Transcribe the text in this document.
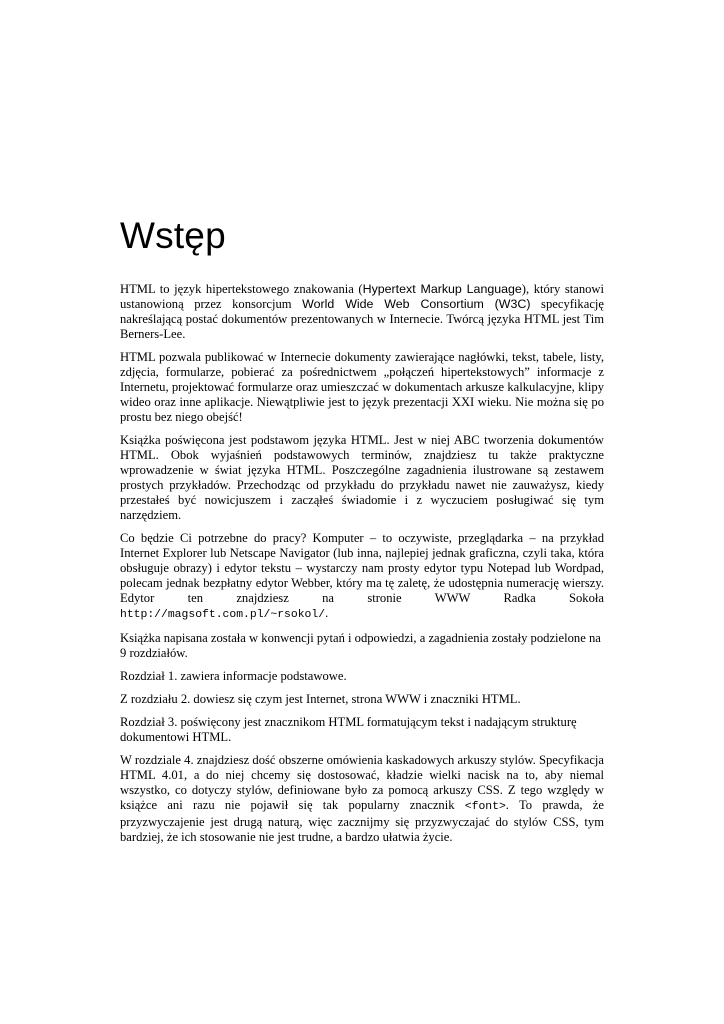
Wstęp

HTML to język hipertekstowego znakowania (Hypertext Markup Language), który stanowi ustanowioną przez konsorcjum World Wide Web Consortium (W3C) specyfikację nakreślającą postać dokumentów prezentowanych w Internecie. Twórcą języka HTML jest Tim Berners-Lee.

HTML pozwala publikować w Internecie dokumenty zawierające nagłówki, tekst, tabele, listy, zdjęcia, formularze, pobierać za pośrednictwem „połączeń hipertekstowych” informacje z Internetu, projektować formularze oraz umieszczać w dokumentach arkusze kalkulacyjne, klipy wideo oraz inne aplikacje. Niewątpliwie jest to język prezentacji XXI wieku. Nie można się po prostu bez niego obejść!

Książka poświęcona jest podstawom języka HTML. Jest w niej ABC tworzenia dokumentów HTML. Obok wyjaśnień podstawowych terminów, znajdziesz tu także praktyczne wprowadzenie w świat języka HTML. Poszczególne zagadnienia ilustrowane są zestawem prostych przykładów. Przechodząc od przykładu do przykładu nawet nie zauważysz, kiedy przestałeś być nowicjuszem i zacząłeś świadomie i z wyczuciem posługiwać się tym narzędziem.

Co będzie Ci potrzebne do pracy? Komputer – to oczywiste, przeglądarka – na przykład Internet Explorer lub Netscape Navigator (lub inna, najlepiej jednak graficzna, czyli taka, która obsługuje obrazy) i edytor tekstu – wystarczy nam prosty edytor typu Notepad lub Wordpad, polecam jednak bezpłatny edytor Webber, który ma tę zaletę, że udostępnia numerację wierszy. Edytor ten znajdziesz na stronie WWW Radka Sokoła http://magsoft.com.pl/~rsokol/.

Książka napisana została w konwencji pytań i odpowiedzi, a zagadnienia zostały podzielone na 9 rozdziałów.

Rozdział 1. zawiera informacje podstawowe.

Z rozdziału 2. dowiesz się czym jest Internet, strona WWW i znaczniki HTML.

Rozdział 3. poświęcony jest znacznikom HTML formatującym tekst i nadającym strukturę dokumentowi HTML.

W rozdziale 4. znajdziesz dość obszerne omówienia kaskadowych arkuszy stylów. Specyfikacja HTML 4.01, a do niej chcemy się dostosować, kładzie wielki nacisk na to, aby niemal wszystko, co dotyczy stylów, definiowane było za pomocą arkuszy CSS. Z tego względy w książce ani razu nie pojawił się tak popularny znacznik <font>. To prawda, że przyzwyczajenie jest drugą naturą, więc zacznijmy się przyzwyczajać do stylów CSS, tym bardziej, że ich stosowanie nie jest trudne, a bardzo ułatwia życie.
